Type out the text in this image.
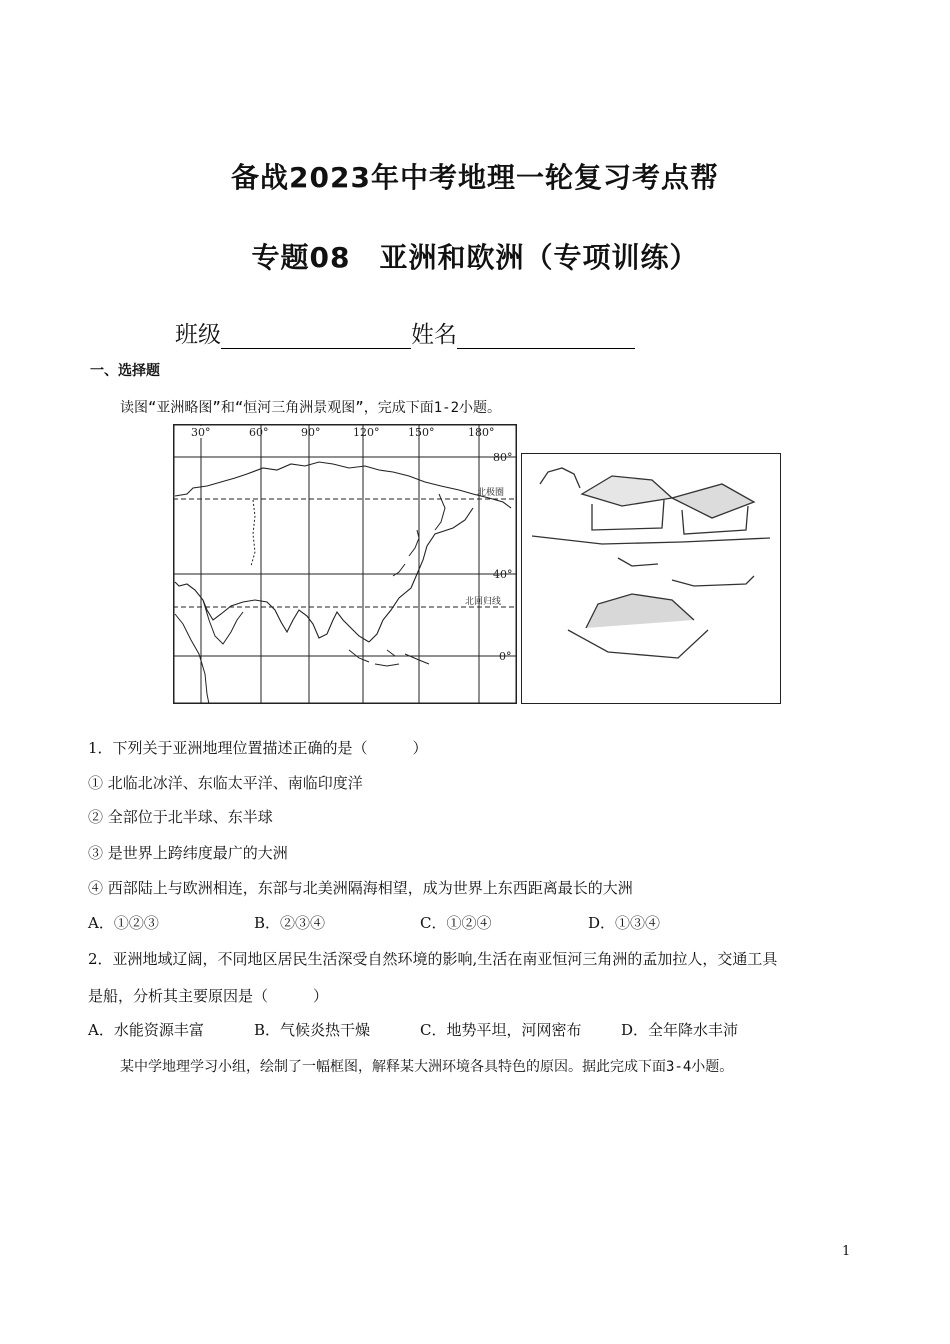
备战2023年中考地理一轮复习考点帮
专题08　亚洲和欧洲（专项训练）
班级	姓名
一、选择题
读图“亚洲略图”和“恒河三角洲景观图”，完成下面1-2小题。
30°	60°	90°	120°	150°	180°
80°
40°
0°
北极圈
北回归线
1．下列关于亚洲地理位置描述正确的是（　　　）
① 北临北冰洋、东临太平洋、南临印度洋
② 全部位于北半球、东半球
③ 是世界上跨纬度最广的大洲
④ 西部陆上与欧洲相连，东部与北美洲隔海相望，成为世界上东西距离最长的大洲
A．①②③	B．②③④	C．①②④	D．①③④
2．亚洲地域辽阔，不同地区居民生活深受自然环境的影响,生活在南亚恒河三角洲的孟加拉人，交通工具
是船，分析其主要原因是（　　　）
A．水能资源丰富	B．气候炎热干燥	C．地势平坦，河网密布	D．全年降水丰沛
某中学地理学习小组，绘制了一幅框图，解释某大洲环境各具特色的原因。据此完成下面3-4小题。
1
